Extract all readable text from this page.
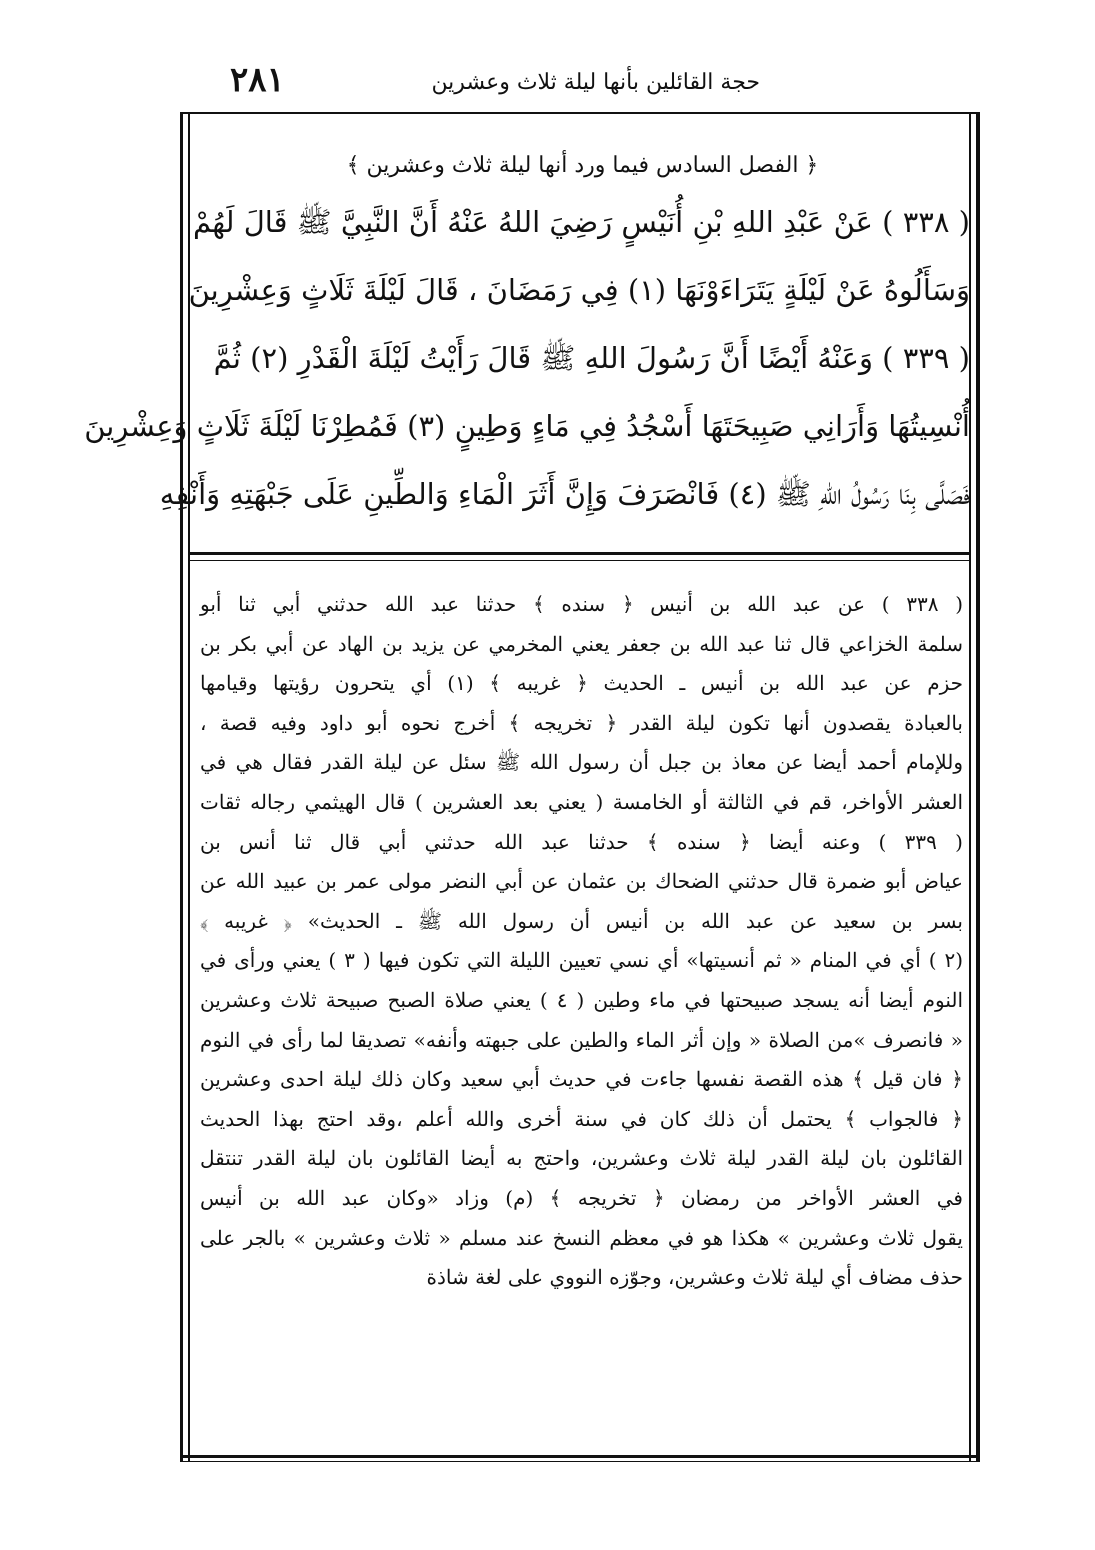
٢٨١	حجة القائلين بأنها ليلة ثلاث وعشرين
﴿ الفصل السادس فيما ورد أنها ليلة ثلاث وعشرين ﴾

( ٣٣٨ ) عَنْ عَبْدِ اللهِ بْنِ أُنَيْسٍ رَضِيَ اللهُ عَنْهُ أَنَّ النَّبِيَّ ﷺ قَالَ لَهُمْ

وَسَأَلُوهُ عَنْ لَيْلَةٍ يَتَرَاءَوْنَهَا (١) فِي رَمَضَانَ ، قَالَ لَيْلَةَ ثَلَاثٍ وَعِشْرِينَ

( ٣٣٩ ) وَعَنْهُ أَيْضًا أَنَّ رَسُولَ اللهِ ﷺ قَالَ رَأَيْتُ لَيْلَةَ الْقَدْرِ (٢) ثُمَّ

أُنْسِيتُهَا وَأَرَانِي صَبِيحَتَهَا أَسْجُدُ فِي مَاءٍ وَطِينٍ (٣) فَمُطِرْنَا لَيْلَةَ ثَلَاثٍ وَعِشْرِينَ

فَصَلَّى بِنَا رَسُولُ اللهِ ﷺ (٤) فَانْصَرَفَ وَإِنَّ أَثَرَ الْمَاءِ وَالطِّينِ عَلَى جَبْهَتِهِ وَأَنْفِهِ

( ٣٣٨ ) عن عبد الله بن أنيس ﴿ سنده ﴾ حدثنا عبد الله حدثني أبي ثنا أبو

سلمة الخزاعي قال ثنا عبد الله بن جعفر يعني المخرمي عن يزيد بن الهاد عن أبي بكر بن

حزم عن عبد الله بن أنيس ـ الحديث ﴿ غريبه ﴾ (١) أي يتحرون رؤيتها وقيامها

بالعبادة يقصدون أنها تكون ليلة القدر ﴿ تخريجه ﴾ أخرج نحوه أبو داود وفيه قصة ،

وللإمام أحمد أيضا عن معاذ بن جبل أن رسول الله ﷺ سئل عن ليلة القدر فقال هي في

العشر الأواخر، قم في الثالثة أو الخامسة ( يعني بعد العشرين ) قال الهيثمي رجاله ثقات

( ٣٣٩ ) وعنه أيضا ﴿ سنده ﴾ حدثنا عبد الله حدثني أبي قال ثنا أنس بن

عياض أبو ضمرة قال حدثني الضحاك بن عثمان عن أبي النضر مولى عمر بن عبيد الله عن

بسر بن سعيد عن عبد الله بن أنيس أن رسول الله ﷺ ـ الحديث» ﴿ غريبه ﴾

(٢ ) أي في المنام « ثم أنسيتها» أي نسي تعيين الليلة التي تكون فيها ( ٣ ) يعني ورأى في

النوم أيضا أنه يسجد صبيحتها في ماء وطين ( ٤ ) يعني صلاة الصبح صبيحة ثلاث وعشرين

« فانصرف »من الصلاة « وإن أثر الماء والطين على جبهته وأنفه» تصديقا لما رأى في النوم

﴿ فان قيل ﴾ هذه القصة نفسها جاءت في حديث أبي سعيد وكان ذلك ليلة احدى وعشرين

﴿ فالجواب ﴾ يحتمل أن ذلك كان في سنة أخرى والله أعلم ،وقد احتج بهذا الحديث

القائلون بان ليلة القدر ليلة ثلاث وعشرين، واحتج به أيضا القائلون بان ليلة القدر تنتقل

في العشر الأواخر من رمضان ﴿ تخريجه ﴾ (م) وزاد «وكان عبد الله بن أنيس

يقول ثلاث وعشرين » هكذا هو في معظم النسخ عند مسلم « ثلاث وعشرين » بالجر على

حذف مضاف أي ليلة ثلاث وعشرين، وجوّزه النووي على لغة شاذة
